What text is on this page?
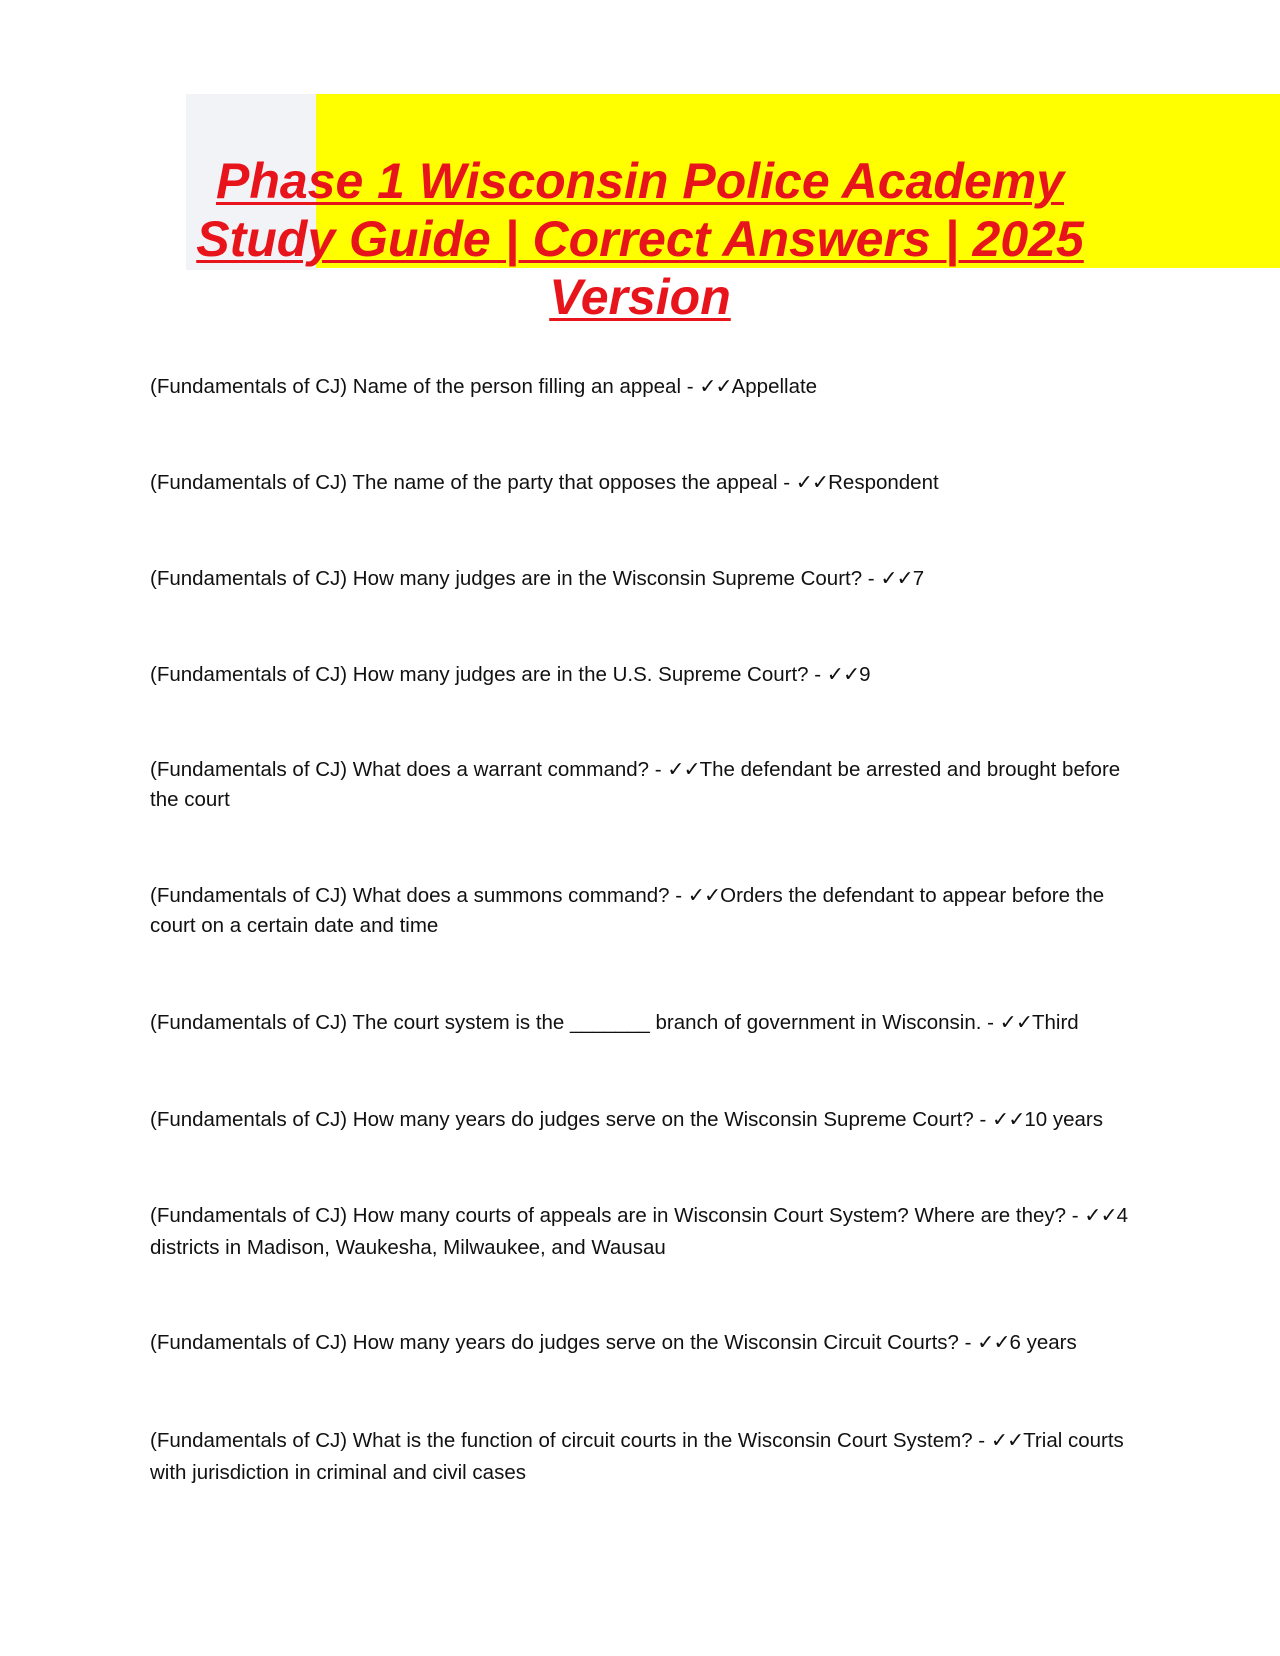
Phase 1 Wisconsin Police Academy Study Guide | Correct Answers | 2025 Version
(Fundamentals of CJ) Name of the person filling an appeal - ✓✓Appellate
(Fundamentals of CJ) The name of the party that opposes the appeal - ✓✓Respondent
(Fundamentals of CJ) How many judges are in the Wisconsin Supreme Court? - ✓✓7
(Fundamentals of CJ) How many judges are in the U.S. Supreme Court? - ✓✓9
(Fundamentals of CJ) What does a warrant command? - ✓✓The defendant be arrested and brought before the court
(Fundamentals of CJ) What does a summons command? - ✓✓Orders the defendant to appear before the court on a certain date and time
(Fundamentals of CJ) The court system is the _______ branch of government in Wisconsin. - ✓✓Third
(Fundamentals of CJ) How many years do judges serve on the Wisconsin Supreme Court? - ✓✓10 years
(Fundamentals of CJ) How many courts of appeals are in Wisconsin Court System? Where are they? - ✓✓4 districts in Madison, Waukesha, Milwaukee, and Wausau
(Fundamentals of CJ) How many years do judges serve on the Wisconsin Circuit Courts? - ✓✓6 years
(Fundamentals of CJ) What is the function of circuit courts in the Wisconsin Court System? - ✓✓Trial courts with jurisdiction in criminal and civil cases
